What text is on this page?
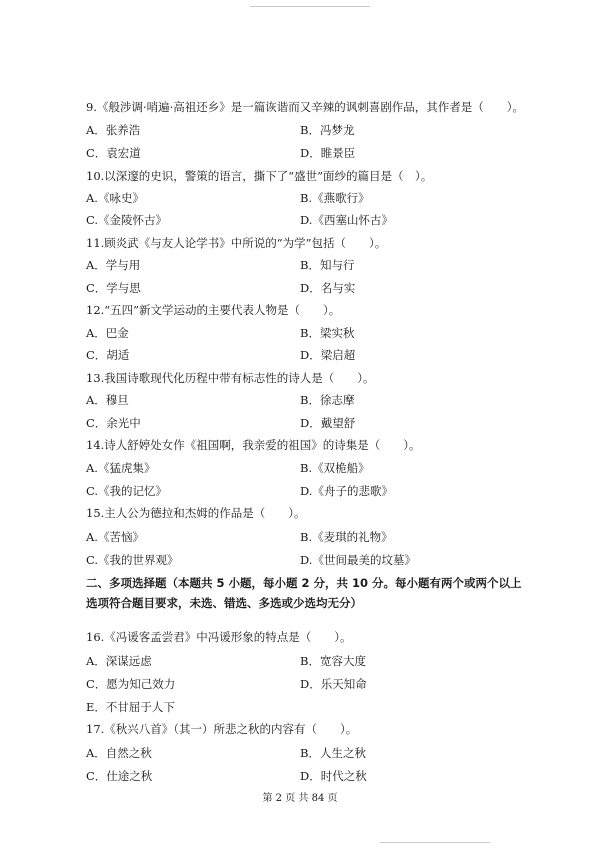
9.《般涉调·哨遍·高祖还乡》是一篇诙谐而又辛辣的讽刺喜剧作品，其作者是（　　）。
A．张养浩	B．冯梦龙
C．袁宏道	D．睢景臣
10.以深邃的史识，警策的语言，撕下了“盛世”面纱的篇目是（　）。
A.《咏史》	B.《燕歌行》
C.《金陵怀古》	D.《西塞山怀古》
11.顾炎武《与友人论学书》中所说的“为学”包括（　　）。
A．学与用	B．知与行
C．学与思	D．名与实
12.“五四”新文学运动的主要代表人物是（　　）。
A．巴金	B．梁实秋
C．胡适	D．梁启超
13.我国诗歌现代化历程中带有标志性的诗人是（　　）。
A．穆旦	B．徐志摩
C．余光中	D．戴望舒
14.诗人舒婷处女作《祖国啊，我亲爱的祖国》的诗集是（　　）。
A.《猛虎集》	B.《双桅船》
C.《我的记忆》	D.《舟子的悲歌》
15.主人公为德拉和杰姆的作品是（　　）。
A.《苦恼》	B.《麦琪的礼物》
C.《我的世界观》	D.《世间最美的坟墓》
二、多项选择题（本题共 5 小题，每小题 2 分，共 10 分。每小题有两个或两个以上选项符合题目要求，未选、错选、多选或少选均无分）
16.《冯谖客孟尝君》中冯谖形象的特点是（　　）。
A．深谋远虑	B．宽容大度
C．愿为知己效力	D．乐天知命
E．不甘屈于人下
17.《秋兴八首》（其一）所悲之秋的内容有（　　）。
A．自然之秋	B．人生之秋
C．仕途之秋	D．时代之秋
第 2 页 共 84 页
